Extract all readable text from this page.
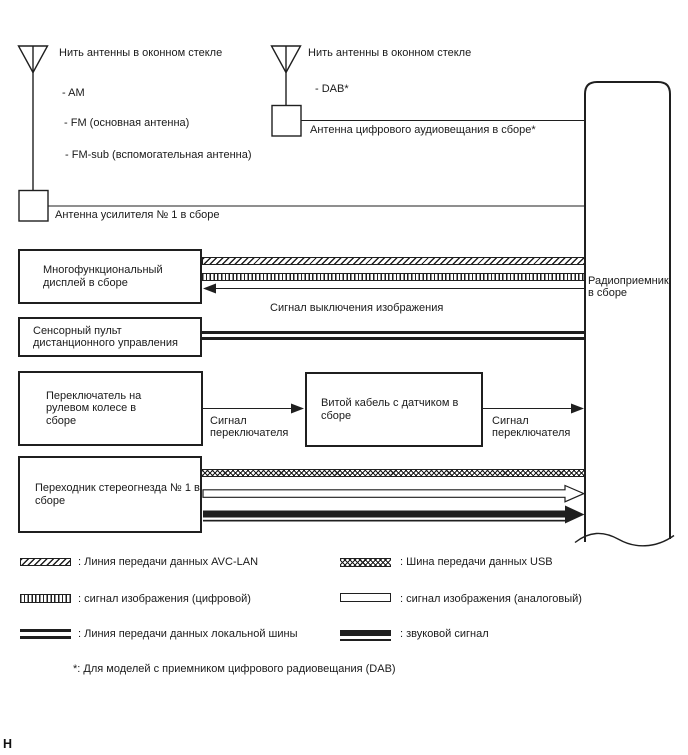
Нить антенны в оконном стекле
- AM
- FM (основная антенна)
- FM-sub (вспомогательная антенна)
Антенна усилителя № 1 в сборе
Нить антенны в оконном стекле
- DAB*
Антенна цифрового аудиовещания в сборе*
Радиоприемник в сборе
Многофункциональный дисплей в сборе
Сенсорный пульт дистанционного управления
Переключатель на рулевом колесе в сборе
Витой кабель с датчиком в сборе
Переходник стереогнезда № 1 в сборе
Сигнал выключения изображения
Сигнал переключателя
Сигнал переключателя
: Линия передачи данных AVC-LAN	: Шина передачи данных USB
: сигнал изображения (цифровой)	: сигнал изображения (аналоговый)
: Линия передачи данных локальной шины	: звуковой сигнал
*: Для моделей с приемником цифрового радиовещания (DAB)
Н
